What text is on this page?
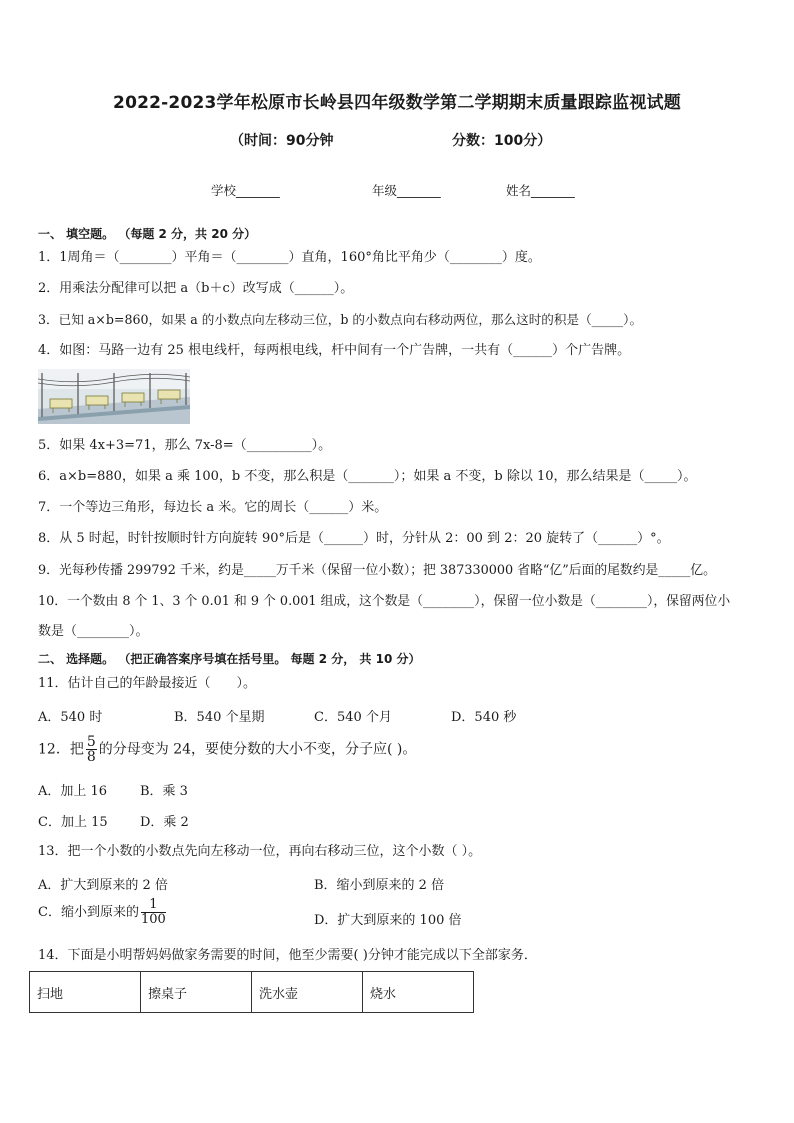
2022-2023学年松原市长岭县四年级数学第二学期期末质量跟踪监视试题
（时间：90分钟	分数：100分）
学校_______	年级_______	姓名_______
一、 填空题。 （每题 2 分，共 20 分）
1．1周角＝（________）平角＝（________）直角，160°角比平角少（________）度。
2．用乘法分配律可以把 a（b＋c）改写成（______）。
3．已知 a×b=860，如果 a 的小数点向左移动三位，b 的小数点向右移动两位，那么这时的积是（_____）。
4．如图：马路一边有 25 根电线杆，每两根电线，杆中间有一个广告牌，一共有（______）个广告牌。
5．如果 4x+3=71，那么 7x-8=（__________）。
6．a×b=880，如果 a 乘 100，b 不变，那么积是（_______）；如果 a 不变，b 除以 10，那么结果是（_____）。
7．一个等边三角形，每边长 a 米。它的周长（______）米。
8．从 5 时起，时针按顺时针方向旋转 90°后是（______）时，分针从 2：00 到 2：20 旋转了（______）°。
9．光每秒传播 299792 千米，约是_____万千米（保留一位小数）；把 387330000 省略“亿”后面的尾数约是_____亿。
10．一个数由 8 个 1、3 个 0.01 和 9 个 0.001 组成，这个数是（________），保留一位小数是（________），保留两位小
数是（________）。
二、 选择题。 （把正确答案序号填在括号里。 每题 2 分， 共 10 分）
11．估计自己的年龄最接近（　　）。
A．540 时	B．540 个星期	C．540 个月	D．540 秒
12．把 $\frac{5}{8}$ 的分母变为 24，要使分数的大小不变，分子应( )。
A．加上 16	B．乘 3
C．加上 15 D．乘 2
13．把一个小数的小数点先向左移动一位，再向右移动三位，这个小数（ ）。
A．扩大到原来的 2 倍	B．缩小到原来的 2 倍
C．缩小到原来的 $\frac{1}{100}$	D．扩大到原来的 100 倍
14．下面是小明帮妈妈做家务需要的时间，他至少需要( )分钟才能完成以下全部家务．
扫地	擦桌子	洗水壶	烧水
